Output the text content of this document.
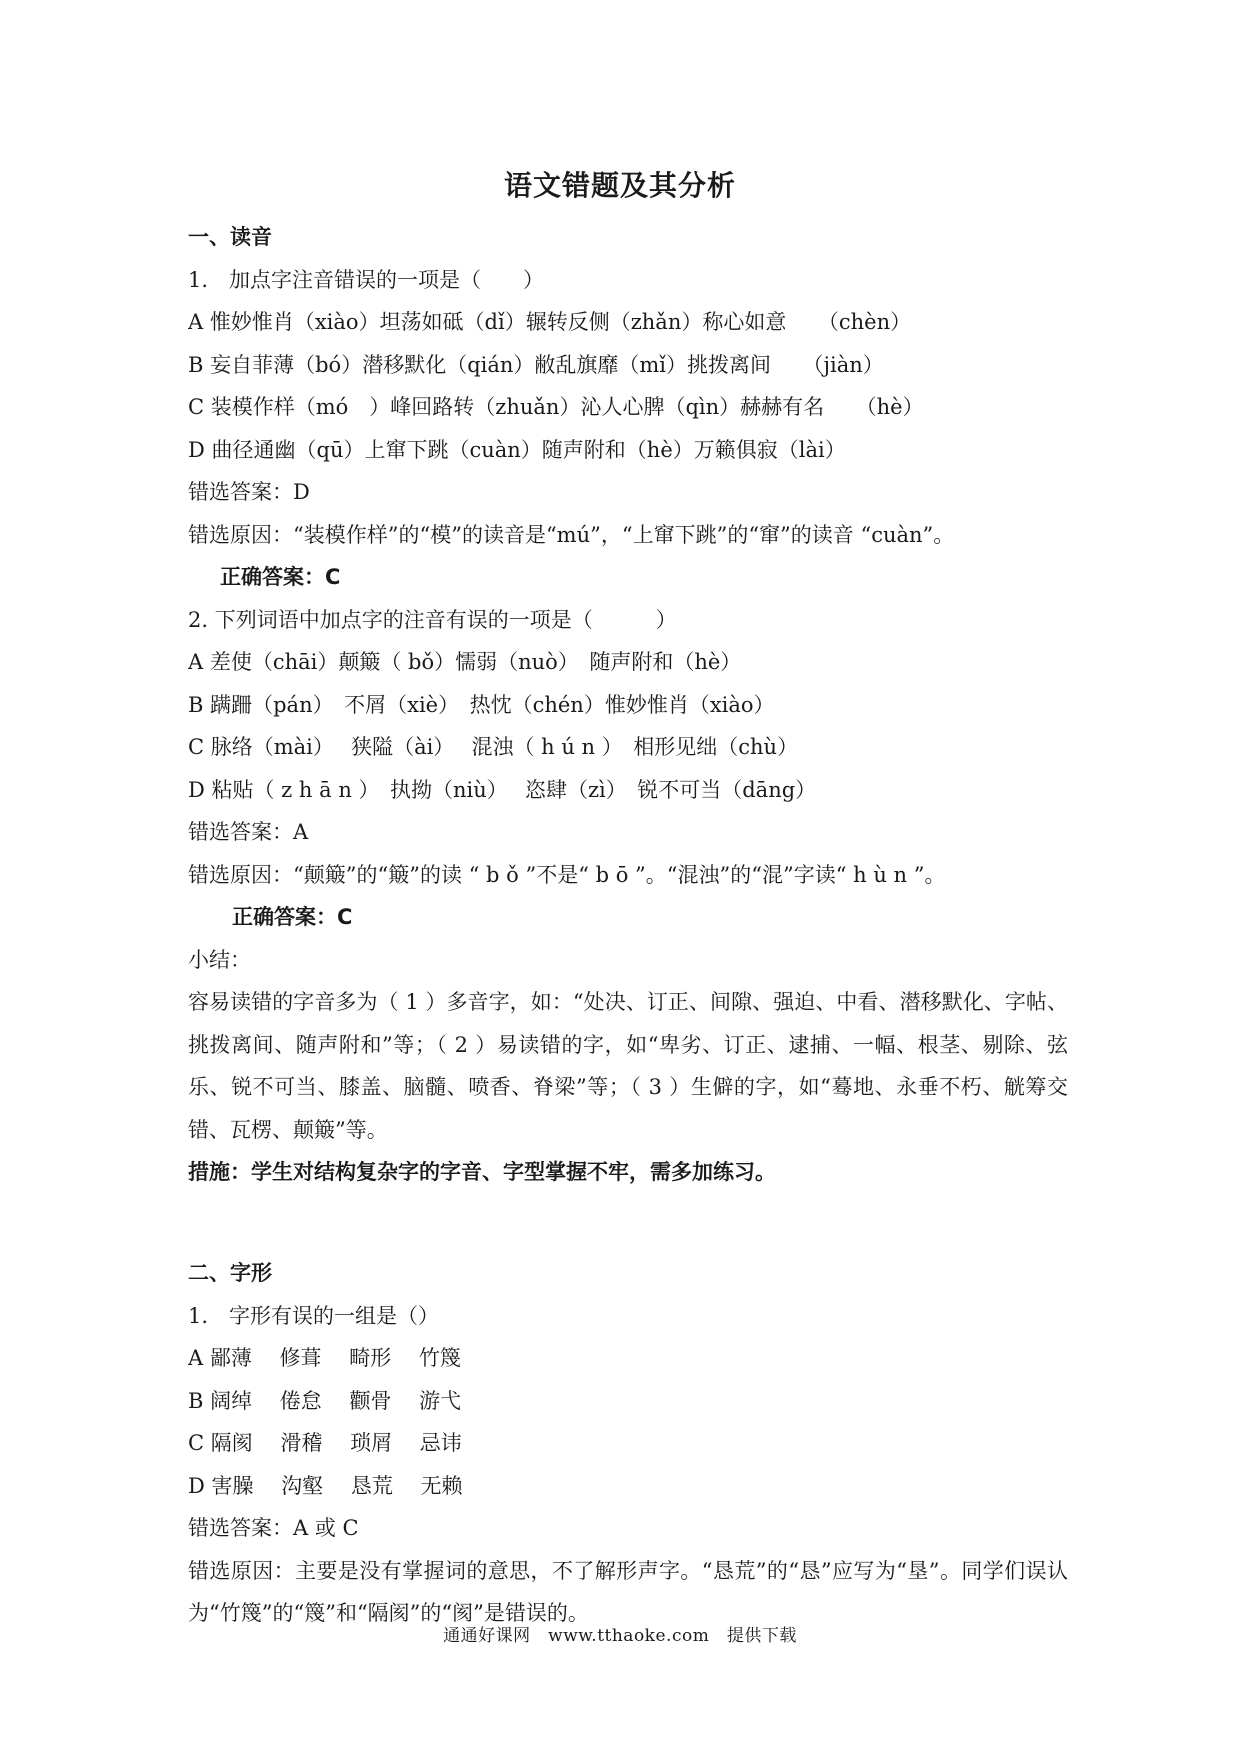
语文错题及其分析
一、读音
1.　加点字注音错误的一项是（　　）
A 惟妙惟肖（xiào）坦荡如砥（dǐ）辗转反侧（zhǎn）称心如意　　（chèn）
B 妄自菲薄（bó）潜移默化（qián）敝乱旗靡（mǐ）挑拨离间　　（jiàn）
C 装模作样（mó　）峰回路转（zhuǎn）沁人心脾（qìn）赫赫有名　　（hè）
D 曲径通幽（qū）上窜下跳（cuàn）随声附和（hè）万籁俱寂（lài）
错选答案：D
错选原因：“装模作样”的“模”的读音是“mú”，“上窜下跳”的“窜”的读音 “cuàn”。
正确答案：C
2. 下列词语中加点字的注音有误的一项是（　　　）
A 差使（chāi）颠簸（ bǒ）懦弱（nuò）　随声附和（hè）
B 蹒跚（pán）　不屑（xiè）　热忱（chén）惟妙惟肖（xiào）
C 脉络（mài）　 狭隘（ài）　 混浊（ h ú n ）　相形见绌（chù）
D 粘贴（ z h ā n ）　执拗（niù）　 恣肆（zì）　锐不可当（dāng）
错选答案：A
错选原因：“颠簸”的“簸”的读 “ b ǒ ”不是“ b ō ”。“混浊”的“混”字读“ h ù n ”。
正确答案：C
小结：
容易读错的字音多为（ 1 ）多音字，如：“处决、订正、间隙、强迫、中看、潜移默化、字帖、挑拨离间、随声附和”等；（ 2 ）易读错的字，如“卑劣、订正、逮捕、一幅、根茎、剔除、弦乐、锐不可当、膝盖、脑髓、喷香、脊梁”等；（ 3 ）生僻的字，如“蓦地、永垂不朽、觥筹交错、瓦楞、颠簸”等。
措施：学生对结构复杂字的字音、字型掌握不牢，需多加练习。
二、字形
1.　字形有误的一组是（）
A 鄙薄　 修葺　 畸形　 竹篾
B 阔绰　 倦怠　 颧骨　 游弋
C 隔阂　 滑稽　 琐屑　 忌讳
D 害臊　 沟壑　 恳荒　 无赖
错选答案：A 或 C
错选原因：主要是没有掌握词的意思，不了解形声字。“恳荒”的“恳”应写为“垦”。同学们误认为“竹篾”的“篾”和“隔阂”的“阂”是错误的。
通通好课网　www.tthaoke.com　提供下载
